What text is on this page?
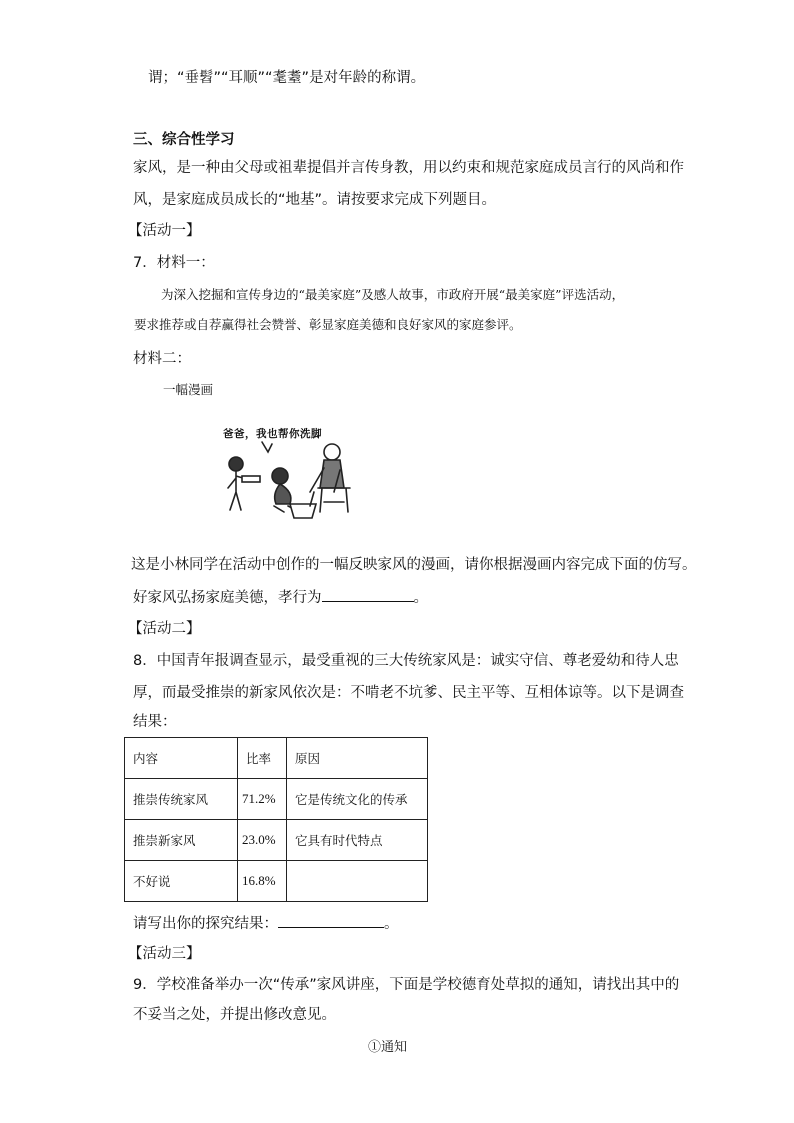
谓；“垂髫”“耳顺”“耄耋”是对年龄的称谓。
三、综合性学习
家风，是一种由父母或祖辈提倡并言传身教，用以约束和规范家庭成员言行的风尚和作
风，是家庭成员成长的“地基”。请按要求完成下列题目。
【活动一】
7．材料一：
为深入挖掘和宣传身边的“最美家庭”及感人故事，市政府开展“最美家庭”评选活动，
要求推荐或自荐赢得社会赞誉、彰显家庭美德和良好家风的家庭参评。
材料二：
一幅漫画
爸爸，我也帮你洗脚
这是小林同学在活动中创作的一幅反映家风的漫画，请你根据漫画内容完成下面的仿写。
好家风弘扬家庭美德，孝行为	。
【活动二】
8．中国青年报调查显示，最受重视的三大传统家风是：诚实守信、尊老爱幼和待人忠
厚，而最受推崇的新家风依次是：不啃老不坑爹、民主平等、互相体谅等。以下是调查
结果：
内容	比率	原因
推崇传统家风	71.2%	它是传统文化的传承
推崇新家风	23.0%	它具有时代特点
不好说	16.8%	
请写出你的探究结果：	。
【活动三】
9．学校准备举办一次“传承”家风讲座，下面是学校德育处草拟的通知，请找出其中的
不妥当之处，并提出修改意见。
①通知
